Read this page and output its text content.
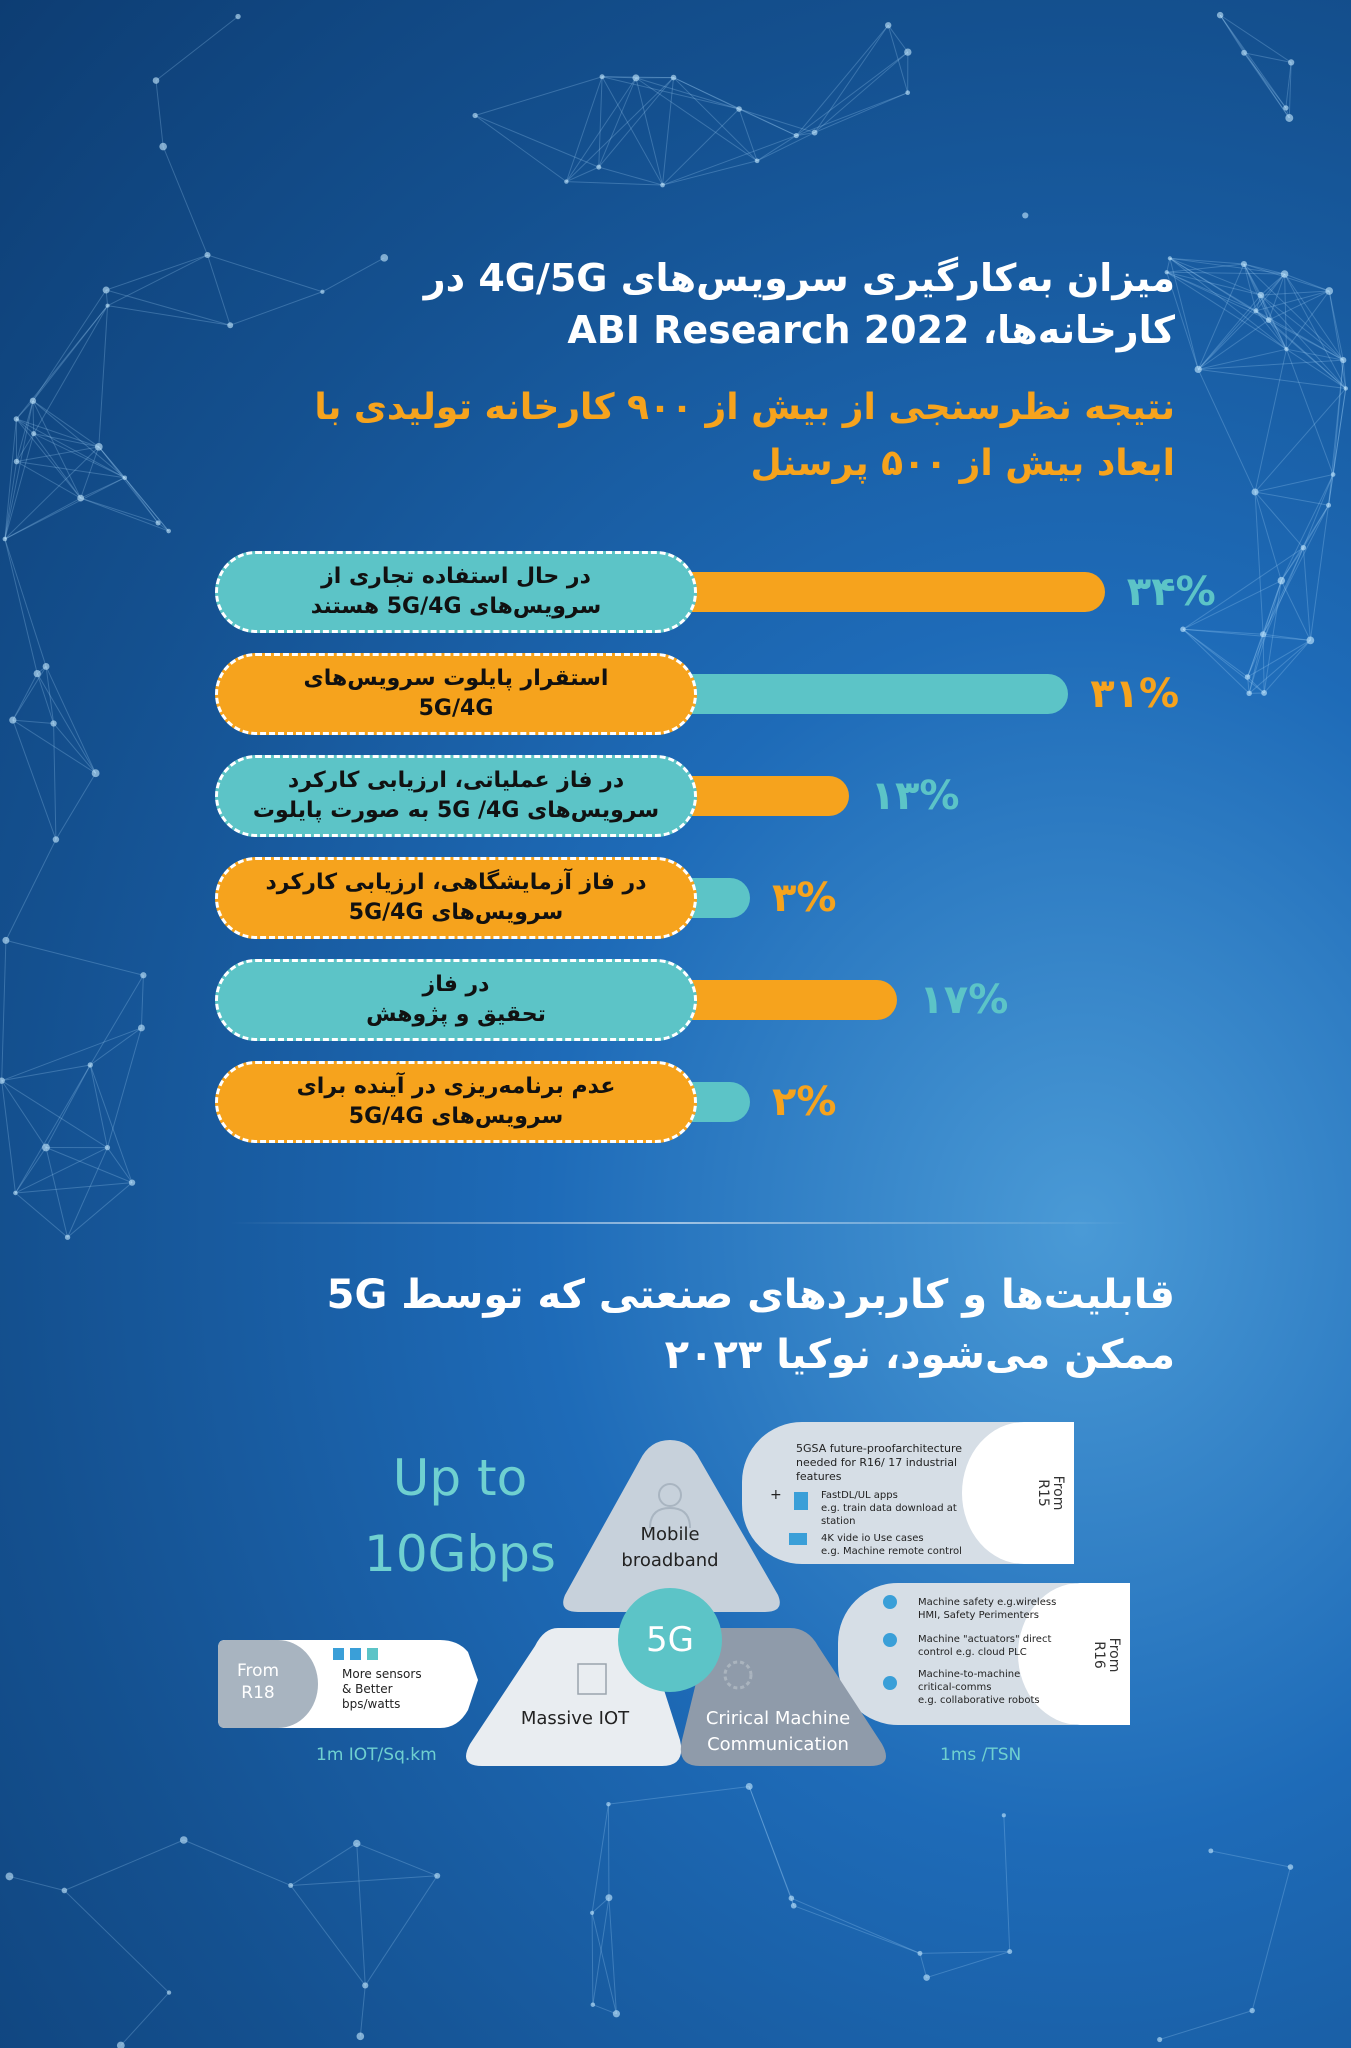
میزان به‌کارگیری سرویس‌های 4G/5G در
کارخانه‌ها، ABI Research 2022
نتیجه نظرسنجی از بیش از ۹۰۰ کارخانه تولیدی با
ابعاد بیش از ۵۰۰ پرسنل
در حال استفاده تجاری از
سرویس‌های 5G/4G هستند	۳۴%
استقرار پایلوت سرویس‌های
5G/4G	۳۱%
در فاز عملیاتی، ارزیابی کارکرد
سرویس‌های 5G /4G به صورت پایلوت	۱۳%
در فاز آزمایشگاهی، ارزیابی کارکرد
سرویس‌های 5G/4G	۳%
در فاز
تحقیق و پژوهش	۱۷%
عدم برنامه‌ریزی در آینده برای
سرویس‌های 5G/4G	۲%
قابلیت‌ها و کاربردهای صنعتی که توسط 5G
ممکن می‌شود، نوکیا ۲۰۲۳
Up to
10Gbps	Mobile
broadband
Massive IOT	Crirical Machine
Communication
5G
5GSA future-proofarchitecture
needed for R16/ 17 industrial
features
+	FastDL/UL apps
e.g. train data download at
station
4K vide io Use cases
e.g. Machine remote control
From
R15
Machine safety e.g.wireless
HMI, Safety Perimenters
Machine "actuators" direct
control e.g. cloud PLC
Machine-to-machine
critical-comms
e.g. collaborative robots
From
R16
From
R18
More sensors
& Better
bps/watts
1m IOT/Sq.km	1ms /TSN
